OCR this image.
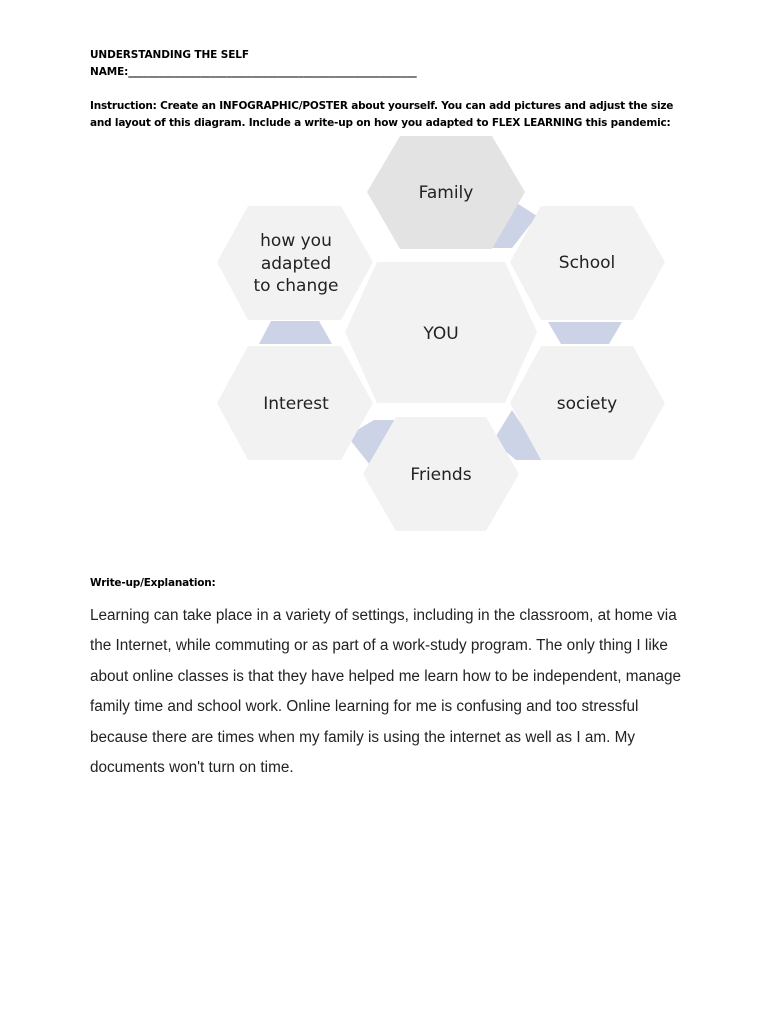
UNDERSTANDING THE SELF
NAME:________________________________________________________
Instruction: Create an INFOGRAPHIC/POSTER about yourself. You can add pictures and adjust the size and layout of this diagram. Include a write-up on how you adapted to FLEX LEARNING this pandemic:
Family
School
how you
adapted
to change
YOU
Interest	society
Friends
Write-up/Explanation:
Learning can take place in a variety of settings, including in the classroom, at home via the Internet, while commuting or as part of a work-study program. The only thing I like about online classes is that they have helped me learn how to be independent, manage family time and school work. Online learning for me is confusing and too stressful because there are times when my family is using the internet as well as I am. My documents won't turn on time.
